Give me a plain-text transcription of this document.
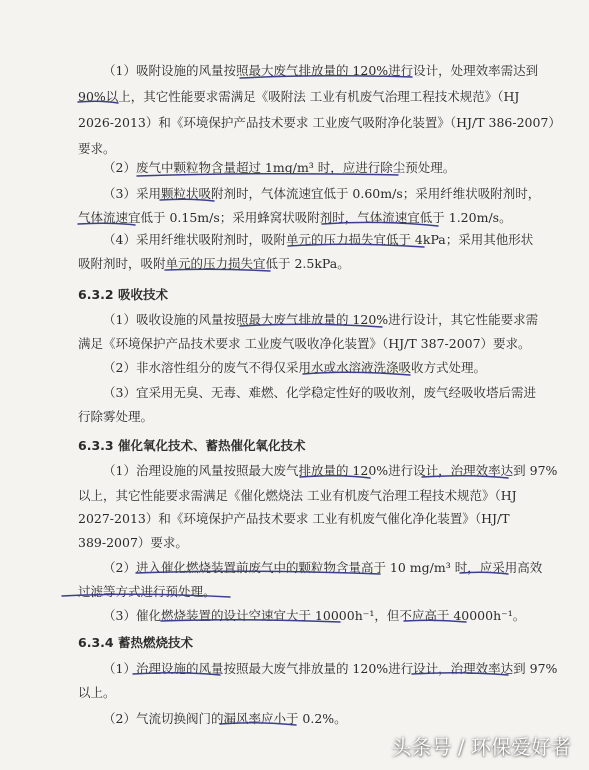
（1）吸附设施的风量按照最大废气排放量的 120%进行设计，处理效率需达到
90%以上，其它性能要求需满足《吸附法 工业有机废气治理工程技术规范》（HJ
2026-2013）和《环境保护产品技术要求 工业废气吸附净化装置》（HJ/T 386-2007）
要求。
（2）废气中颗粒物含量超过 1mg/m³ 时，应进行除尘预处理。
（3）采用颗粒状吸附剂时，气体流速宜低于 0.60m/s；采用纤维状吸附剂时，
气体流速宜低于 0.15m/s；采用蜂窝状吸附剂时，气体流速宜低于 1.20m/s。
（4）采用纤维状吸附剂时，吸附单元的压力损失宜低于 4kPa；采用其他形状
吸附剂时，吸附单元的压力损失宜低于 2.5kPa。
6.3.2 吸收技术
（1）吸收设施的风量按照最大废气排放量的 120%进行设计，其它性能要求需
满足《环境保护产品技术要求 工业废气吸收净化装置》（HJ/T 387-2007）要求。
（2）非水溶性组分的废气不得仅采用水或水溶液洗涤吸收方式处理。
（3）宜采用无臭、无毒、难燃、化学稳定性好的吸收剂，废气经吸收塔后需进
行除雾处理。
6.3.3 催化氧化技术、蓄热催化氧化技术
（1）治理设施的风量按照最大废气排放量的 120%进行设计，治理效率达到 97%
以上，其它性能要求需满足《催化燃烧法 工业有机废气治理工程技术规范》（HJ
2027-2013）和《环境保护产品技术要求 工业有机废气催化净化装置》（HJ/T
389-2007）要求。
（2）进入催化燃烧装置前废气中的颗粒物含量高于 10 mg/m³ 时，应采用高效
过滤等方式进行预处理。
（3）催化燃烧装置的设计空速宜大于 10000h⁻¹，但不应高于 40000h⁻¹。
6.3.4 蓄热燃烧技术
（1）治理设施的风量按照最大废气排放量的 120%进行设计，治理效率达到 97%
以上。
（2）气流切换阀门的漏风率应小于 0.2%。
头条号 / 环保爱好者
